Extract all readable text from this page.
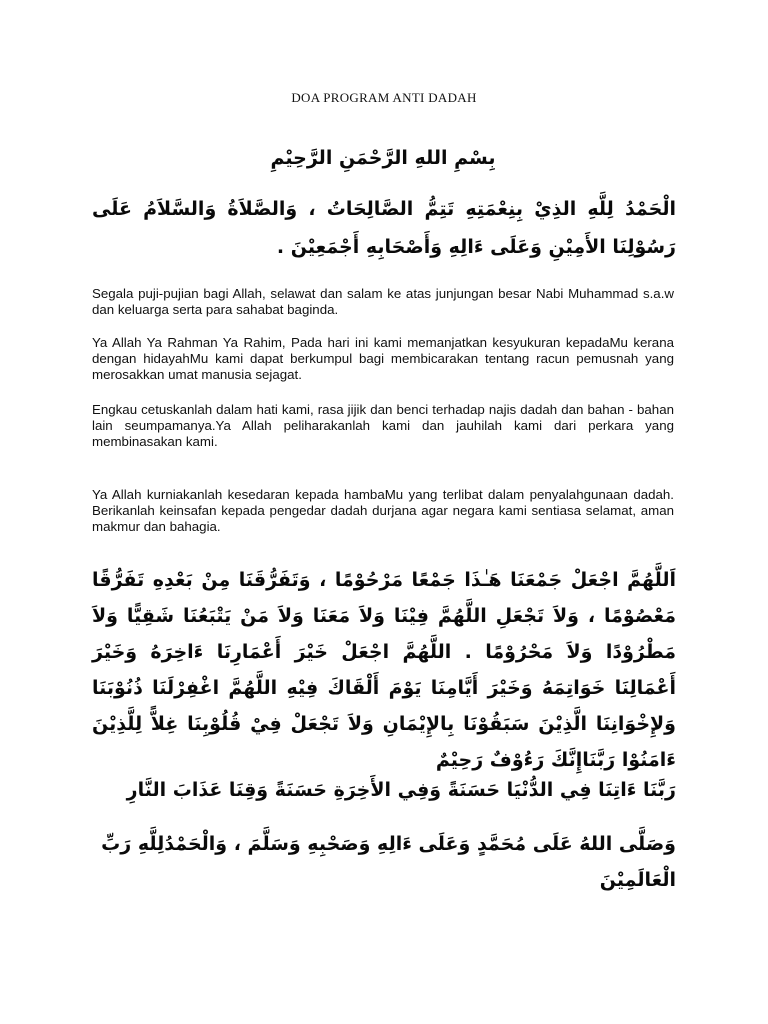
DOA PROGRAM ANTI DADAH
بِسْمِ اللهِ الرَّحْمَنِ الرَّحِيْمِ
الْحَمْدُ لِلَّهِ الذِيْ بِنِعْمَتِهِ تَتِمُّ الصَّالِحَاتُ ، وَالصَّلاَةُ وَالسَّلاَمُ عَلَى رَسُوْلِنَا الأَمِيْنِ وَعَلَى ءَالِهِ وَأَصْحَابِهِ أَجْمَعِيْنَ .

Segala puji-pujian bagi Allah, selawat dan salam ke atas junjungan besar Nabi Muhammad s.a.w dan keluarga serta para sahabat baginda.

Ya Allah Ya Rahman Ya Rahim, Pada hari ini kami memanjatkan kesyukuran kepadaMu kerana dengan hidayahMu kami dapat berkumpul bagi membicarakan tentang racun pemusnah yang merosakkan umat manusia sejagat.

Engkau cetuskanlah dalam hati kami, rasa jijik dan benci terhadap najis dadah dan bahan - bahan lain seumpamanya.Ya Allah peliharakanlah kami dan jauhilah kami dari perkara yang membinasakan kami.

Ya Allah kurniakanlah kesedaran kepada hambaMu yang terlibat dalam penyalahgunaan dadah. Berikanlah keinsafan kepada pengedar dadah durjana agar negara kami sentiasa selamat, aman makmur dan bahagia.

اَللَّهُمَّ اجْعَلْ جَمْعَنَا هَـٰذَا جَمْعًا مَرْحُوْمًا ، وَتَفَرُّقَنَا مِنْ بَعْدِهِ تَفَرُّقًا مَعْصُوْمًا ، وَلاَ تَجْعَلِ اللَّهُمَّ فِيْنَا وَلاَ مَعَنَا وَلاَ مَنْ يَتْبَعُنَا شَقِيًّا وَلاَ مَطْرُوْدًا وَلاَ مَحْرُوْمًا . اللَّهُمَّ اجْعَلْ خَيْرَ أَعْمَارِنَا ءَاخِرَهُ وَخَيْرَ أَعْمَالِنَا خَوَاتِمَهُ وَخَيْرَ أَيَّامِنَا يَوْمَ أَلْقَاكَ فِيْهِ اللَّهُمَّ اغْفِرْلَنَا ذُنُوْبَنَا وَلإِخْوَانِنَا الَّذِيْنَ سَبَقُوْنَا بِالإِيْمَانِ وَلاَ تَجْعَلْ فِيْ قُلُوْبِنَا غِلاًّ لِلَّذِيْنَ ءَامَنُوْا رَبَّنَاإِنَّكَ رَءُوْفٌ رَحِيْمٌ
رَبَّنَا ءَاتِنَا فِي الدُّنْيَا حَسَنَةً وَفِي الأَخِرَةِ حَسَنَةً وَقِنَا عَذَابَ النَّارِ
وَصَلَّى اللهُ عَلَى مُحَمَّدٍ وَعَلَى ءَالِهِ وَصَحْبِهِ وَسَلَّمَ ، وَالْحَمْدُلِلَّهِ رَبِّ الْعَالَمِيْنَ
